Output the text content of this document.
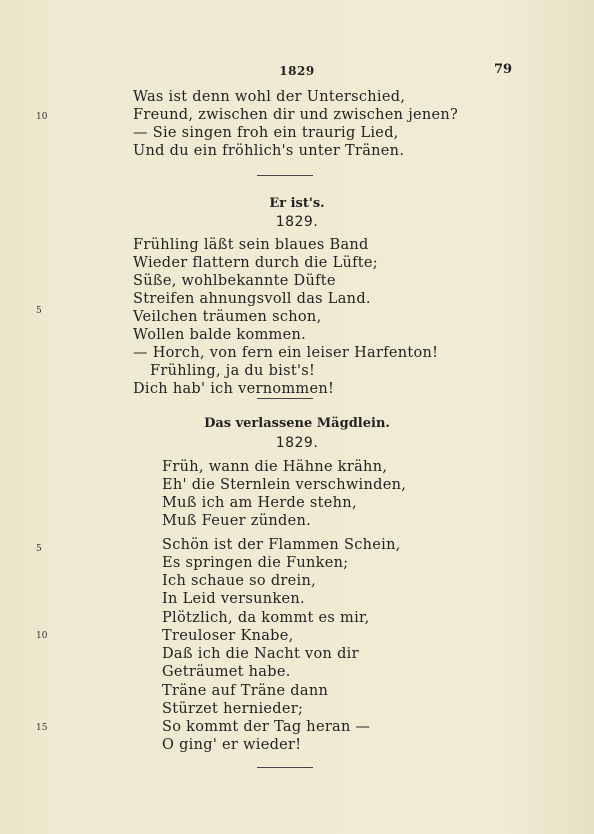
1829	79
Was ist denn wohl der Unterschied,
Freund, zwischen dir und zwischen jenen?
— Sie singen froh ein traurig Lied,
Und du ein fröhlich's unter Tränen.
10
Er ist's.
1829.
Frühling läßt sein blaues Band
Wieder flattern durch die Lüfte;
Süße, wohlbekannte Düfte
Streifen ahnungsvoll das Land.
Veilchen träumen schon,
Wollen balde kommen.
— Horch, von fern ein leiser Harfenton!
Frühling, ja du bist's!
Dich hab' ich vernommen!
5
Das verlassene Mägdlein.
1829.
Früh, wann die Hähne krähn,
Eh' die Sternlein verschwinden,
Muß ich am Herde stehn,
Muß Feuer zünden.
Schön ist der Flammen Schein,
Es springen die Funken;
Ich schaue so drein,
In Leid versunken.
5
Plötzlich, da kommt es mir,
Treuloser Knabe,
Daß ich die Nacht von dir
Geträumet habe.
10
Träne auf Träne dann
Stürzet hernieder;
So kommt der Tag heran —
O ging' er wieder!
15
